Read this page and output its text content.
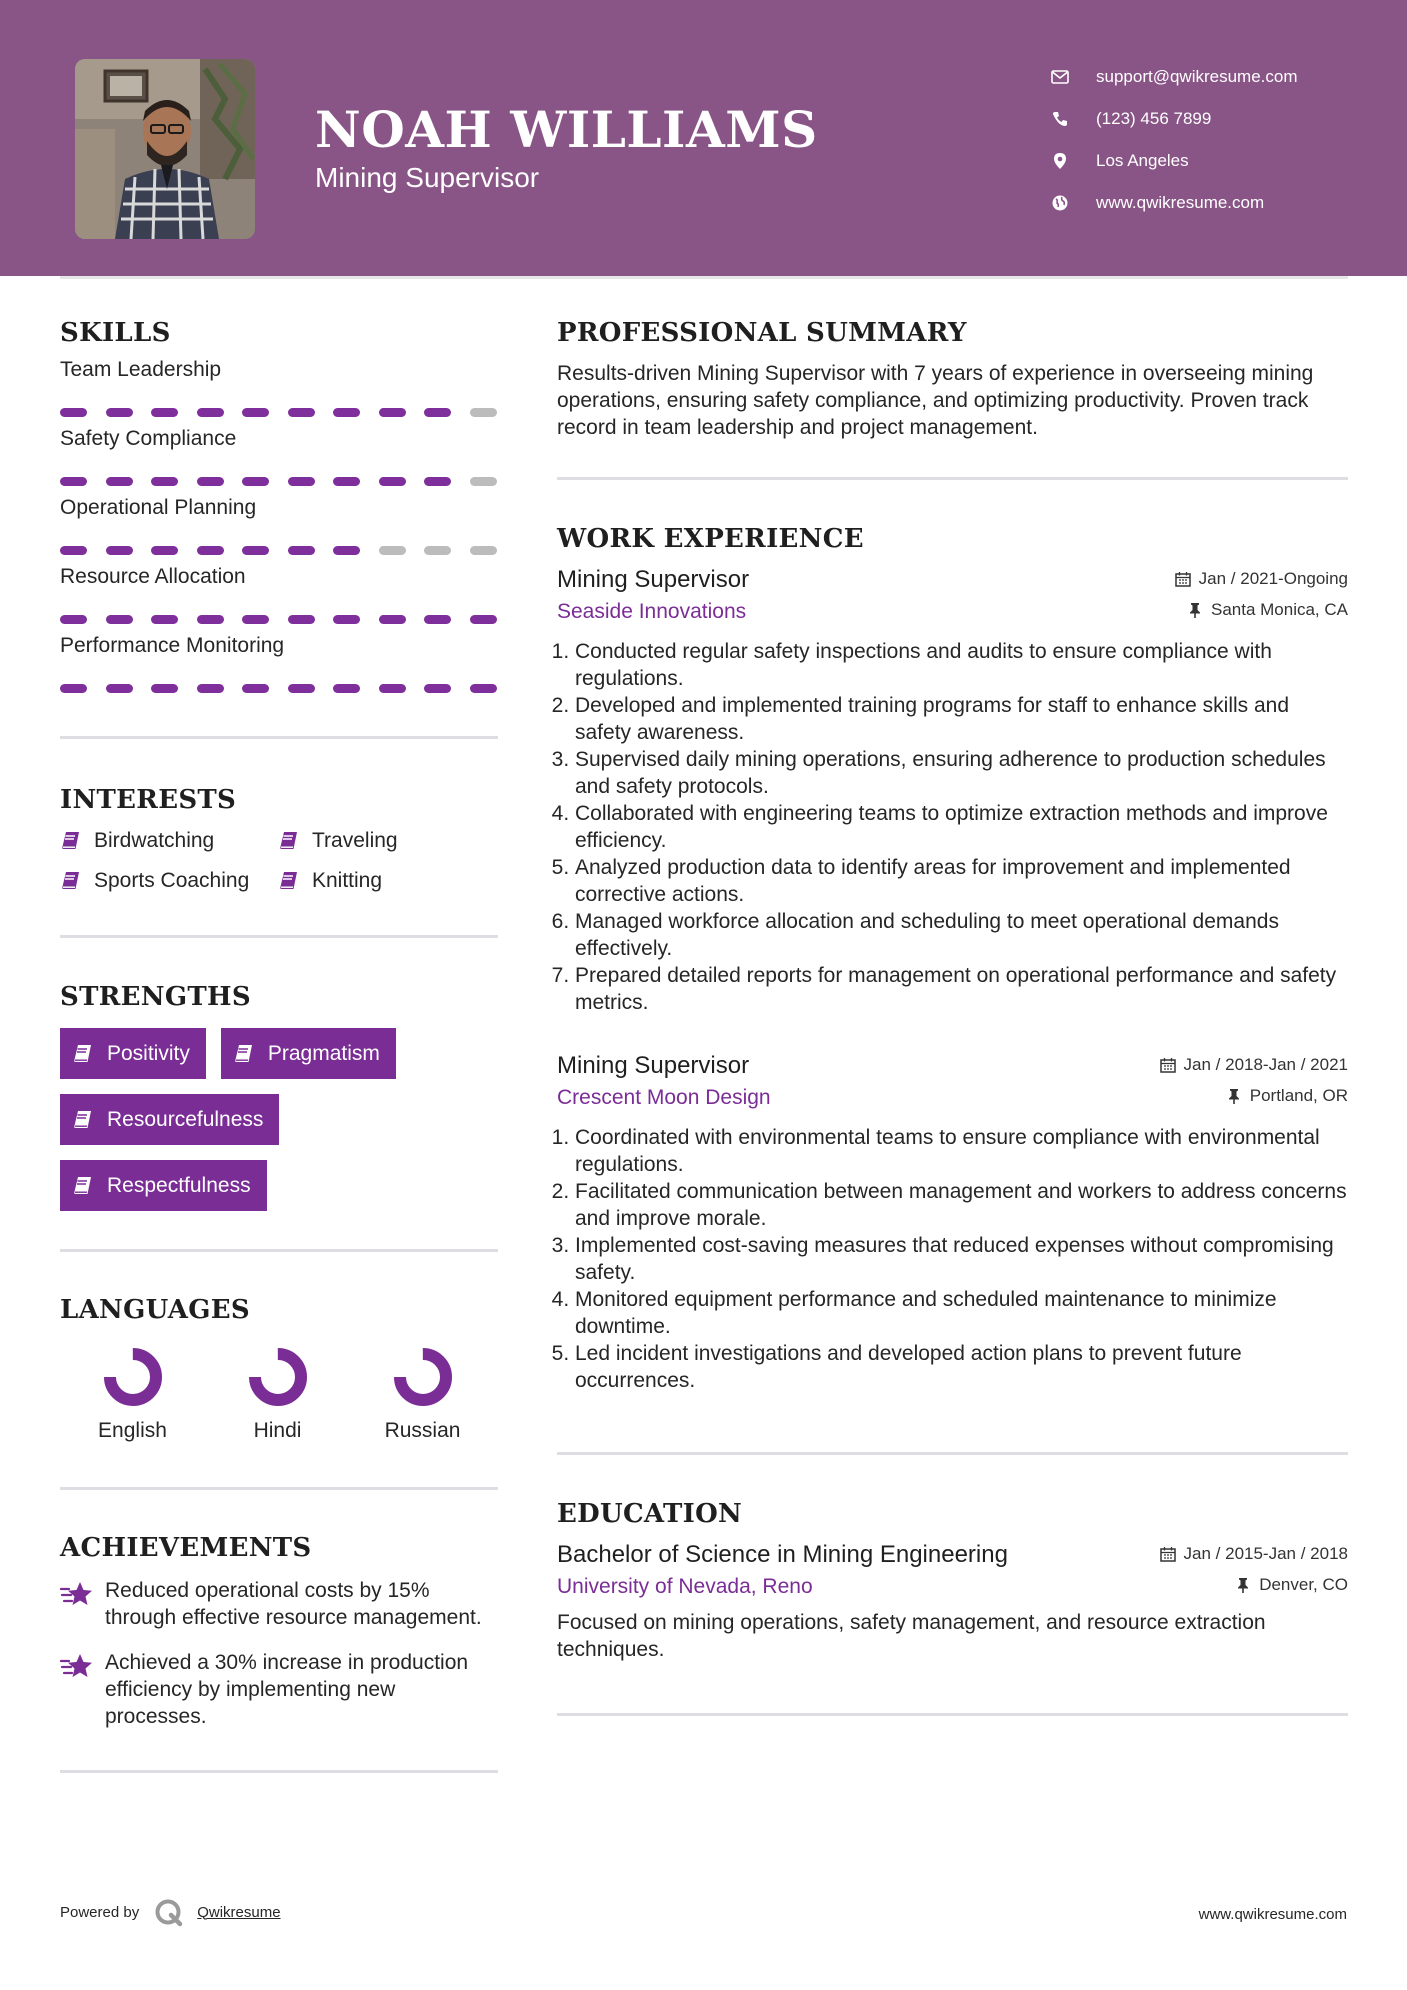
NOAH WILLIAMS
Mining Supervisor
support@qwikresume.com
(123) 456 7899
Los Angeles
www.qwikresume.com
SKILLS
Team Leadership
Safety Compliance
Operational Planning
Resource Allocation
Performance Monitoring
INTERESTS
Birdwatching	Traveling
Sports Coaching	Knitting
STRENGTHS
Positivity	Pragmatism
Resourcefulness
Respectfulness
LANGUAGES
English	Hindi	Russian
ACHIEVEMENTS
Reduced operational costs by 15% through effective resource management.
Achieved a 30% increase in production efficiency by implementing new processes.
PROFESSIONAL SUMMARY
Results-driven Mining Supervisor with 7 years of experience in overseeing mining operations, ensuring safety compliance, and optimizing productivity. Proven track record in team leadership and project management.
WORK EXPERIENCE
Mining Supervisor	Jan / 2021-Ongoing
Seaside Innovations	Santa Monica, CA
1. Conducted regular safety inspections and audits to ensure compliance with regulations.
2. Developed and implemented training programs for staff to enhance skills and safety awareness.
3. Supervised daily mining operations, ensuring adherence to production schedules and safety protocols.
4. Collaborated with engineering teams to optimize extraction methods and improve efficiency.
5. Analyzed production data to identify areas for improvement and implemented corrective actions.
6. Managed workforce allocation and scheduling to meet operational demands effectively.
7. Prepared detailed reports for management on operational performance and safety metrics.
Mining Supervisor	Jan / 2018-Jan / 2021
Crescent Moon Design	Portland, OR
1. Coordinated with environmental teams to ensure compliance with environmental regulations.
2. Facilitated communication between management and workers to address concerns and improve morale.
3. Implemented cost-saving measures that reduced expenses without compromising safety.
4. Monitored equipment performance and scheduled maintenance to minimize downtime.
5. Led incident investigations and developed action plans to prevent future occurrences.
EDUCATION
Bachelor of Science in Mining Engineering	Jan / 2015-Jan / 2018
University of Nevada, Reno	Denver, CO
Focused on mining operations, safety management, and resource extraction techniques.
Powered by	Qwikresume	www.qwikresume.com
